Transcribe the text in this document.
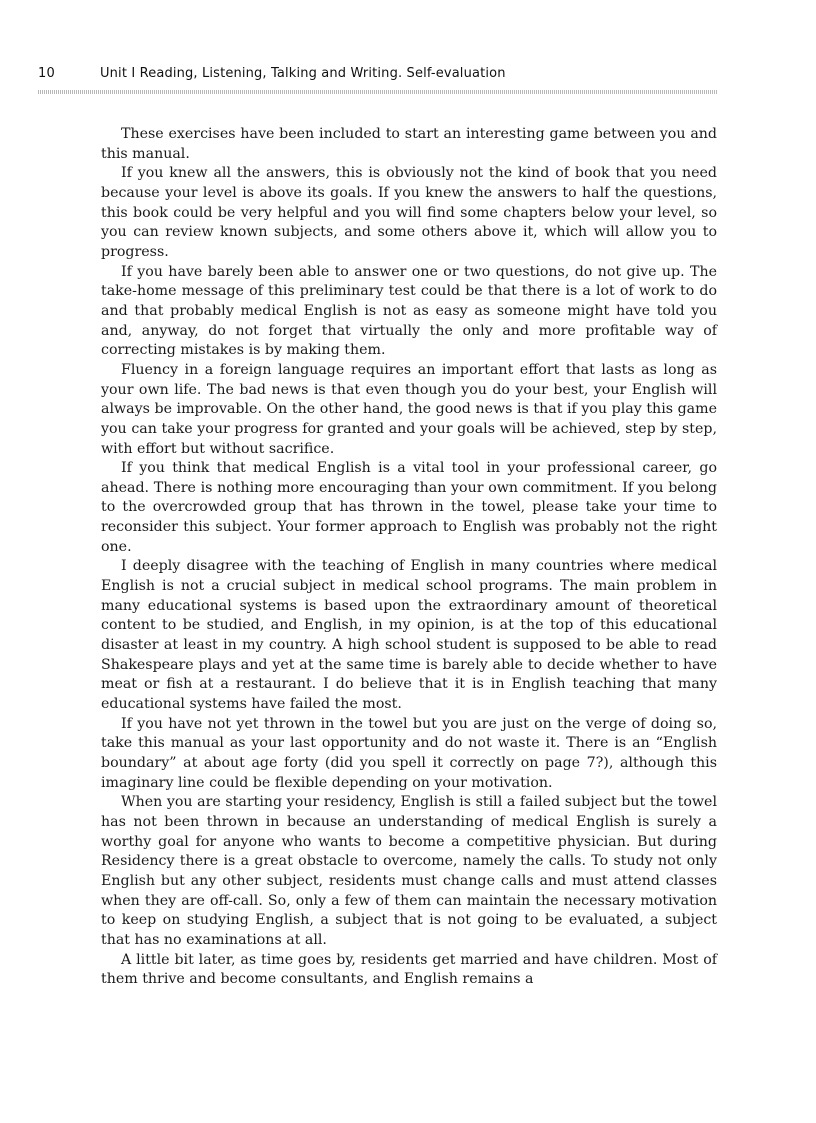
10	Unit I Reading, Listening, Talking and Writing. Self-evaluation

These exercises have been included to start an interesting game between you and this manual.

If you knew all the answers, this is obviously not the kind of book that you need because your level is above its goals. If you knew the answers to half the questions, this book could be very helpful and you will find some chapters below your level, so you can review known subjects, and some others above it, which will allow you to progress.

If you have barely been able to answer one or two questions, do not give up. The take-home message of this preliminary test could be that there is a lot of work to do and that probably medical English is not as easy as someone might have told you and, anyway, do not forget that virtually the only and more profitable way of correcting mistakes is by making them.

Fluency in a foreign language requires an important effort that lasts as long as your own life. The bad news is that even though you do your best, your English will always be improvable. On the other hand, the good news is that if you play this game you can take your progress for granted and your goals will be achieved, step by step, with effort but without sacrifice.

If you think that medical English is a vital tool in your professional career, go ahead. There is nothing more encouraging than your own commitment. If you belong to the overcrowded group that has thrown in the towel, please take your time to reconsider this subject. Your former approach to English was probably not the right one.

I deeply disagree with the teaching of English in many countries where medical English is not a crucial subject in medical school programs. The main problem in many educational systems is based upon the extraordinary amount of theoretical content to be studied, and English, in my opinion, is at the top of this educational disaster at least in my country. A high school student is supposed to be able to read Shakespeare plays and yet at the same time is barely able to decide whether to have meat or fish at a restaurant. I do believe that it is in English teaching that many educational systems have failed the most.

If you have not yet thrown in the towel but you are just on the verge of doing so, take this manual as your last opportunity and do not waste it. There is an “English boundary” at about age forty (did you spell it correctly on page 7?), although this imaginary line could be flexible depending on your motivation.

When you are starting your residency, English is still a failed subject but the towel has not been thrown in because an understanding of medical English is surely a worthy goal for anyone who wants to become a competitive physician. But during Residency there is a great obstacle to overcome, namely the calls. To study not only English but any other subject, residents must change calls and must attend classes when they are off-call. So, only a few of them can maintain the necessary motivation to keep on studying English, a subject that is not going to be evaluated, a subject that has no examinations at all.

A little bit later, as time goes by, residents get married and have children. Most of them thrive and become consultants, and English remains a
